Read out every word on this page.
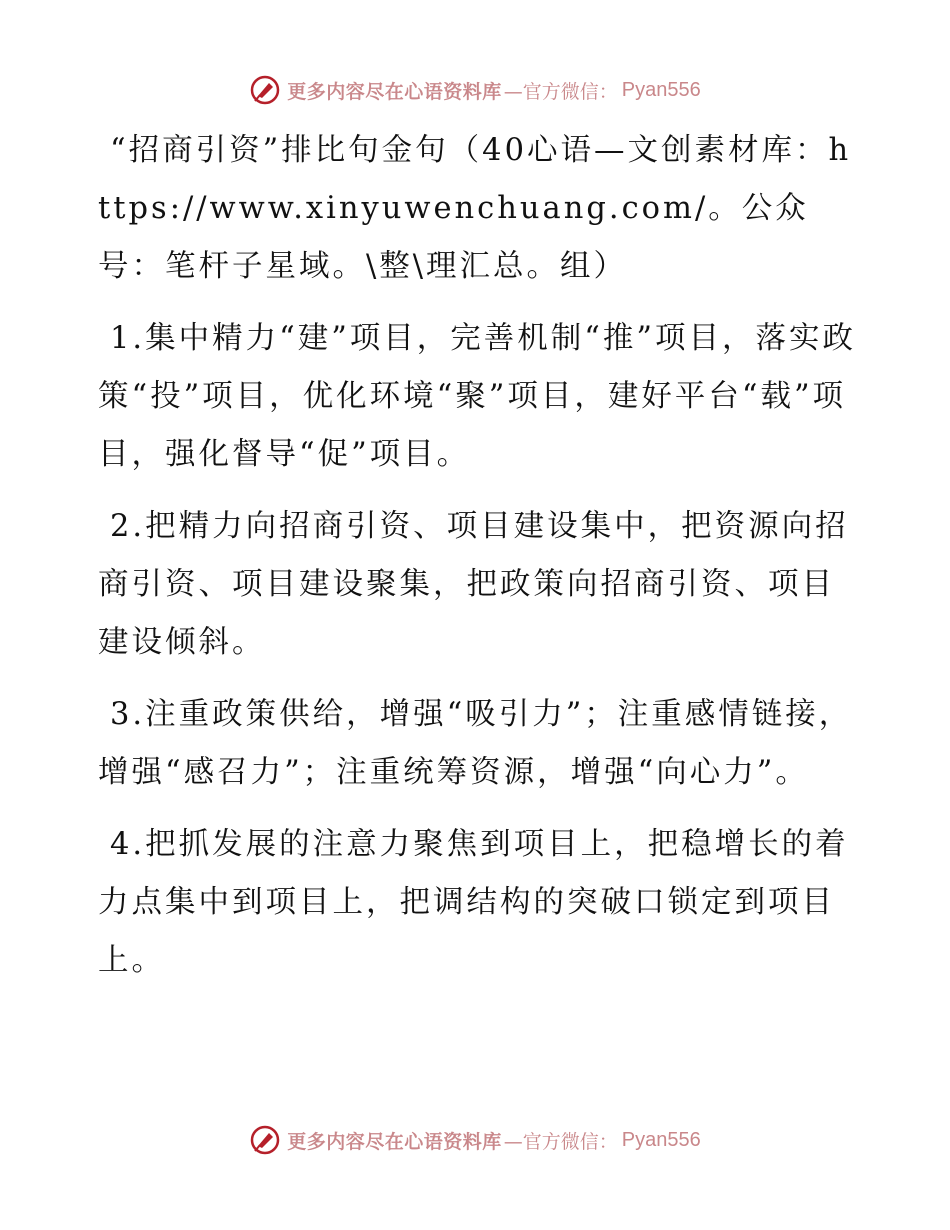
更多内容尽在心语资料库 —官方微信： Pyan556

“招商引资”排比句金句（40心语—文创素材库：https://www.xinyuwenchuang.com/。公众号：笔杆子星域。\整\理汇总。组）

1.集中精力“建”项目，完善机制“推”项目，落实政策“投”项目，优化环境“聚”项目，建好平台“载”项目，强化督导“促”项目。

2.把精力向招商引资、项目建设集中，把资源向招商引资、项目建设聚集，把政策向招商引资、项目建设倾斜。

3.注重政策供给，增强“吸引力”；注重感情链接，增强“感召力”；注重统筹资源，增强“向心力”。

4.把抓发展的注意力聚焦到项目上，把稳增长的着力点集中到项目上，把调结构的突破口锁定到项目上。

更多内容尽在心语资料库 —官方微信： Pyan556
